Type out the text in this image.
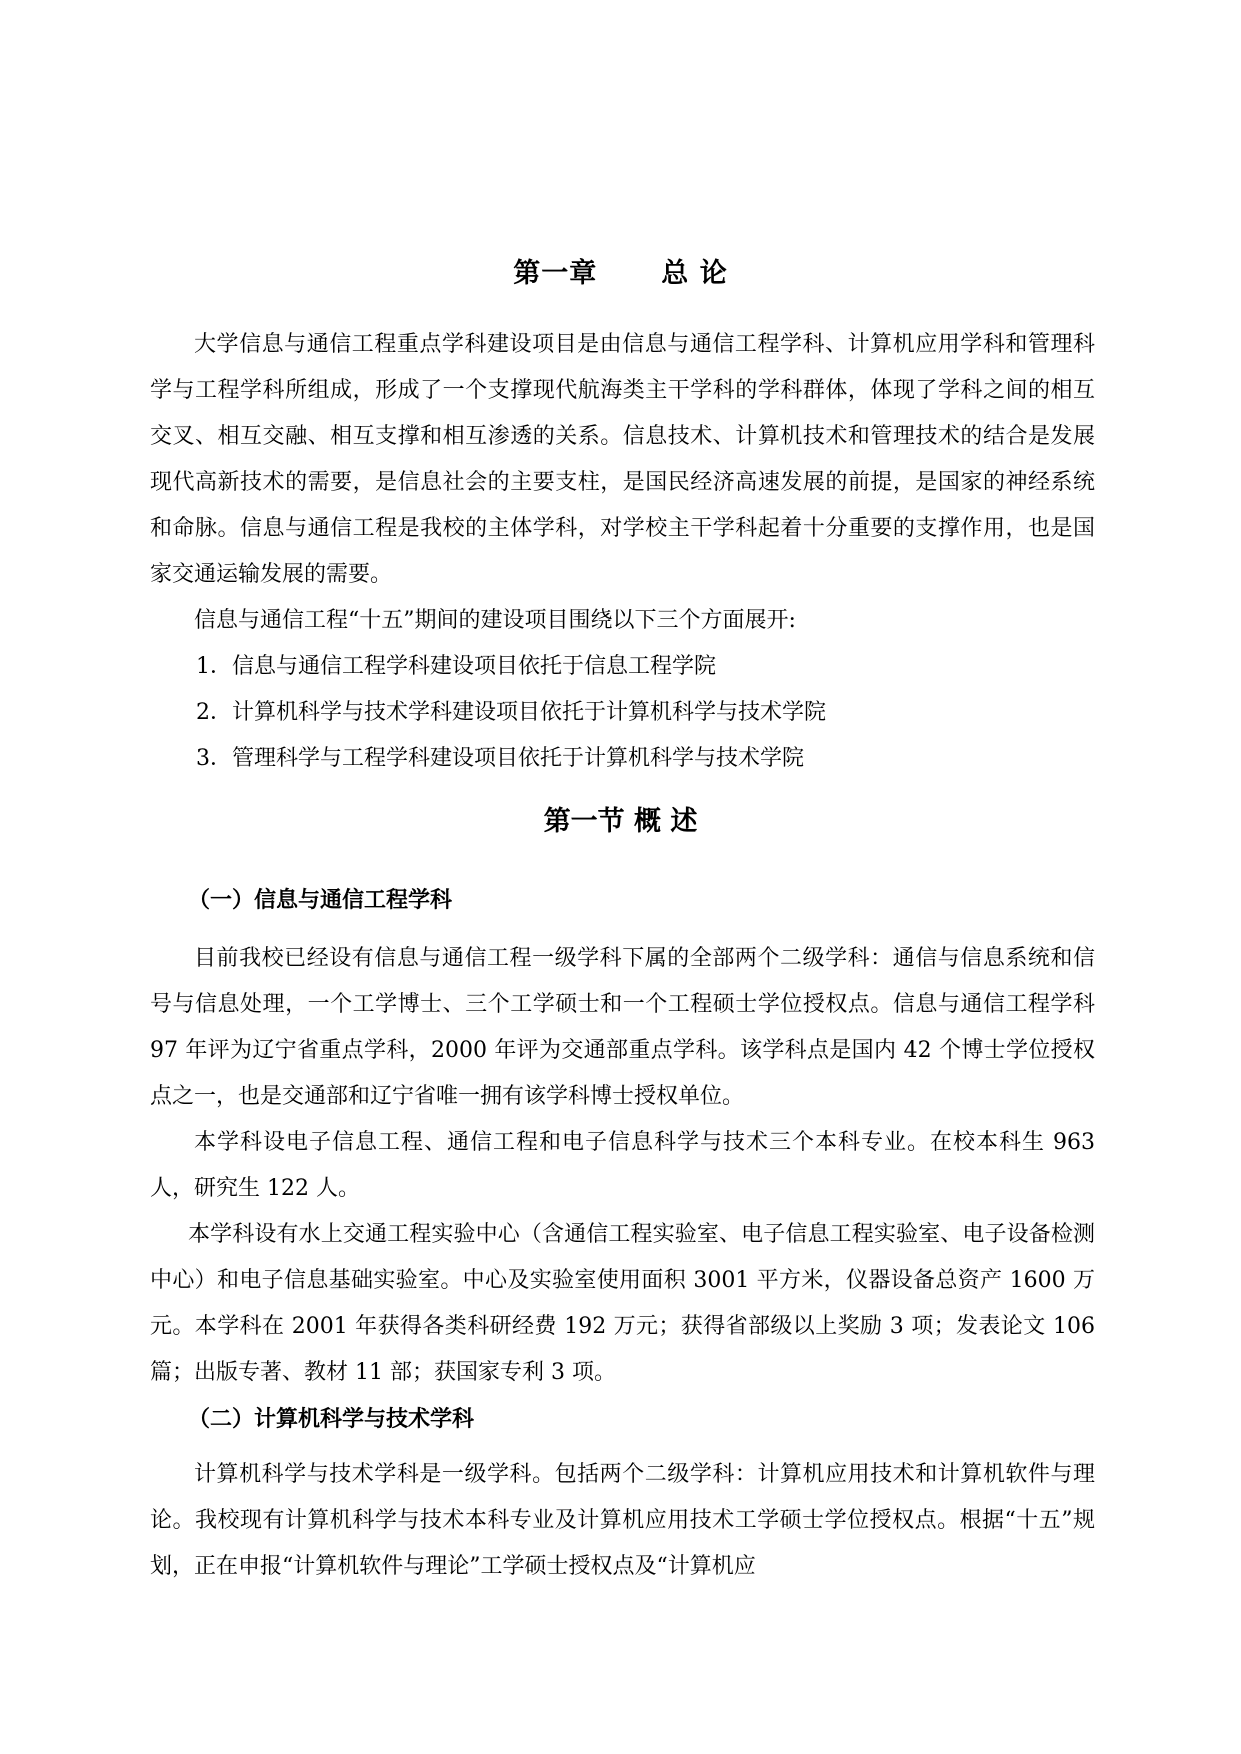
第一章 总 论

大学信息与通信工程重点学科建设项目是由信息与通信工程学科、计算机应用学科和管理科学与工程学科所组成，形成了一个支撑现代航海类主干学科的学科群体，体现了学科之间的相互交叉、相互交融、相互支撑和相互渗透的关系。信息技术、计算机技术和管理技术的结合是发展现代高新技术的需要，是信息社会的主要支柱，是国民经济高速发展的前提，是国家的神经系统和命脉。信息与通信工程是我校的主体学科，对学校主干学科起着十分重要的支撑作用，也是国家交通运输发展的需要。

信息与通信工程“十五”期间的建设项目围绕以下三个方面展开:

1．信息与通信工程学科建设项目依托于信息工程学院
2．计算机科学与技术学科建设项目依托于计算机科学与技术学院
3．管理科学与工程学科建设项目依托于计算机科学与技术学院
第一节 概 述
（一）信息与通信工程学科

目前我校已经设有信息与通信工程一级学科下属的全部两个二级学科：通信与信息系统和信号与信息处理，一个工学博士、三个工学硕士和一个工程硕士学位授权点。信息与通信工程学科 97 年评为辽宁省重点学科，2000 年评为交通部重点学科。该学科点是国内 42 个博士学位授权点之一，也是交通部和辽宁省唯一拥有该学科博士授权单位。

本学科设电子信息工程、通信工程和电子信息科学与技术三个本科专业。在校本科生 963 人，研究生 122 人。

本学科设有水上交通工程实验中心（含通信工程实验室、电子信息工程实验室、电子设备检测中心）和电子信息基础实验室。中心及实验室使用面积 3001 平方米，仪器设备总资产 1600 万元。本学科在 2001 年获得各类科研经费 192 万元；获得省部级以上奖励 3 项；发表论文 106 篇；出版专著、教材 11 部；获国家专利 3 项。

（二）计算机科学与技术学科

计算机科学与技术学科是一级学科。包括两个二级学科：计算机应用技术和计算机软件与理论。我校现有计算机科学与技术本科专业及计算机应用技术工学硕士学位授权点。根据“十五”规划，正在申报“计算机软件与理论”工学硕士授权点及“计算机应
